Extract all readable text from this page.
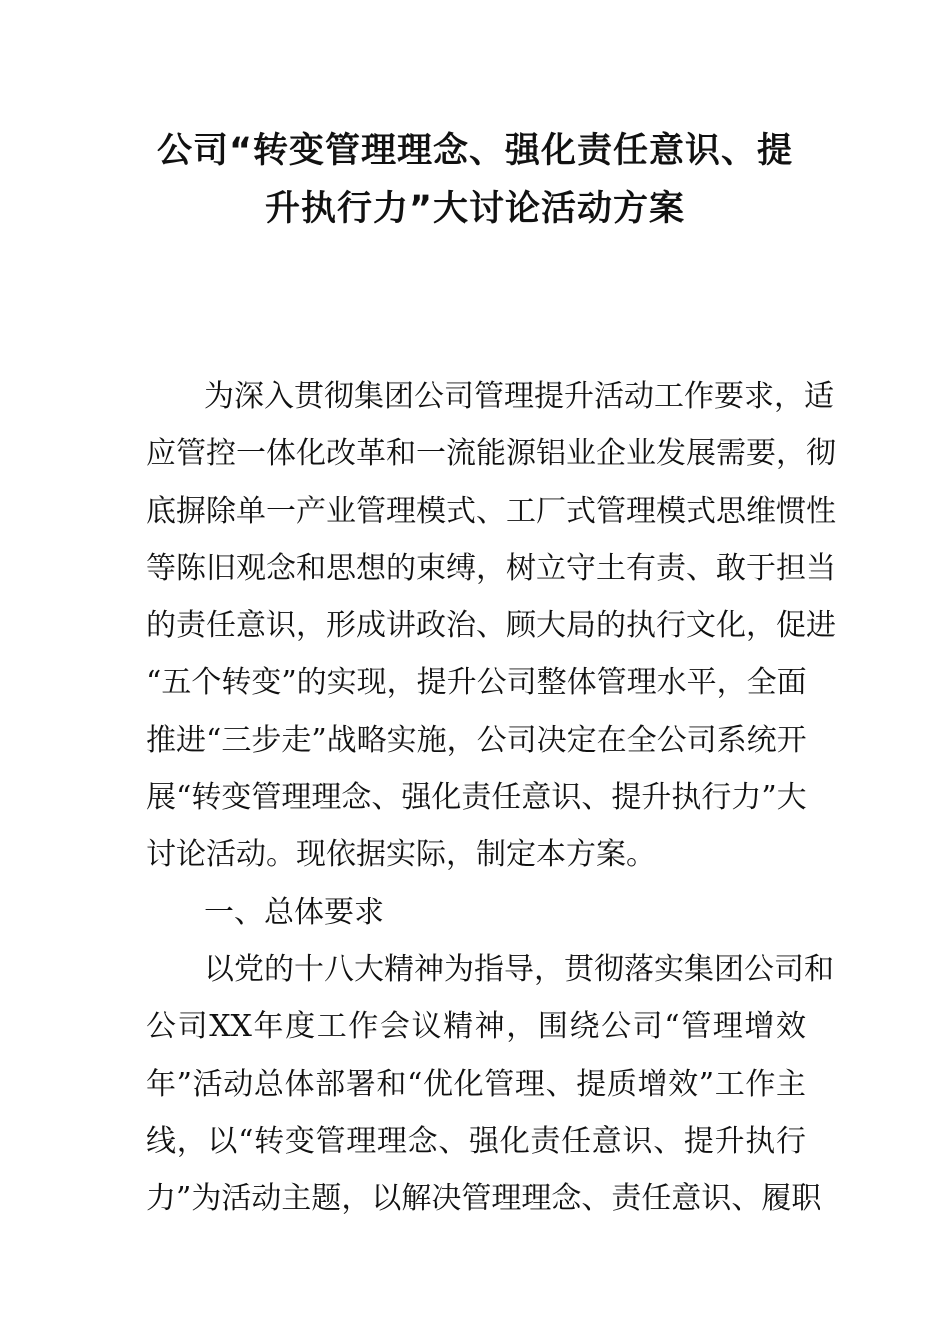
公司“转变管理理念、强化责任意识、提
升执行力”大讨论活动方案
为深入贯彻集团公司管理提升活动工作要求，适
应管控一体化改革和一流能源铝业企业发展需要，彻
底摒除单一产业管理模式、工厂式管理模式思维惯性
等陈旧观念和思想的束缚，树立守土有责、敢于担当
的责任意识，形成讲政治、顾大局的执行文化，促进
“五个转变”的实现，提升公司整体管理水平，全面
推进“三步走”战略实施，公司决定在全公司系统开
展“转变管理理念、强化责任意识、提升执行力”大
讨论活动。现依据实际，制定本方案。
一、总体要求
以党的十八大精神为指导，贯彻落实集团公司和
公司XX年度工作会议精神，围绕公司“管理增效
年”活动总体部署和“优化管理、提质增效”工作主
线，以“转变管理理念、强化责任意识、提升执行
力”为活动主题，以解决管理理念、责任意识、履职
